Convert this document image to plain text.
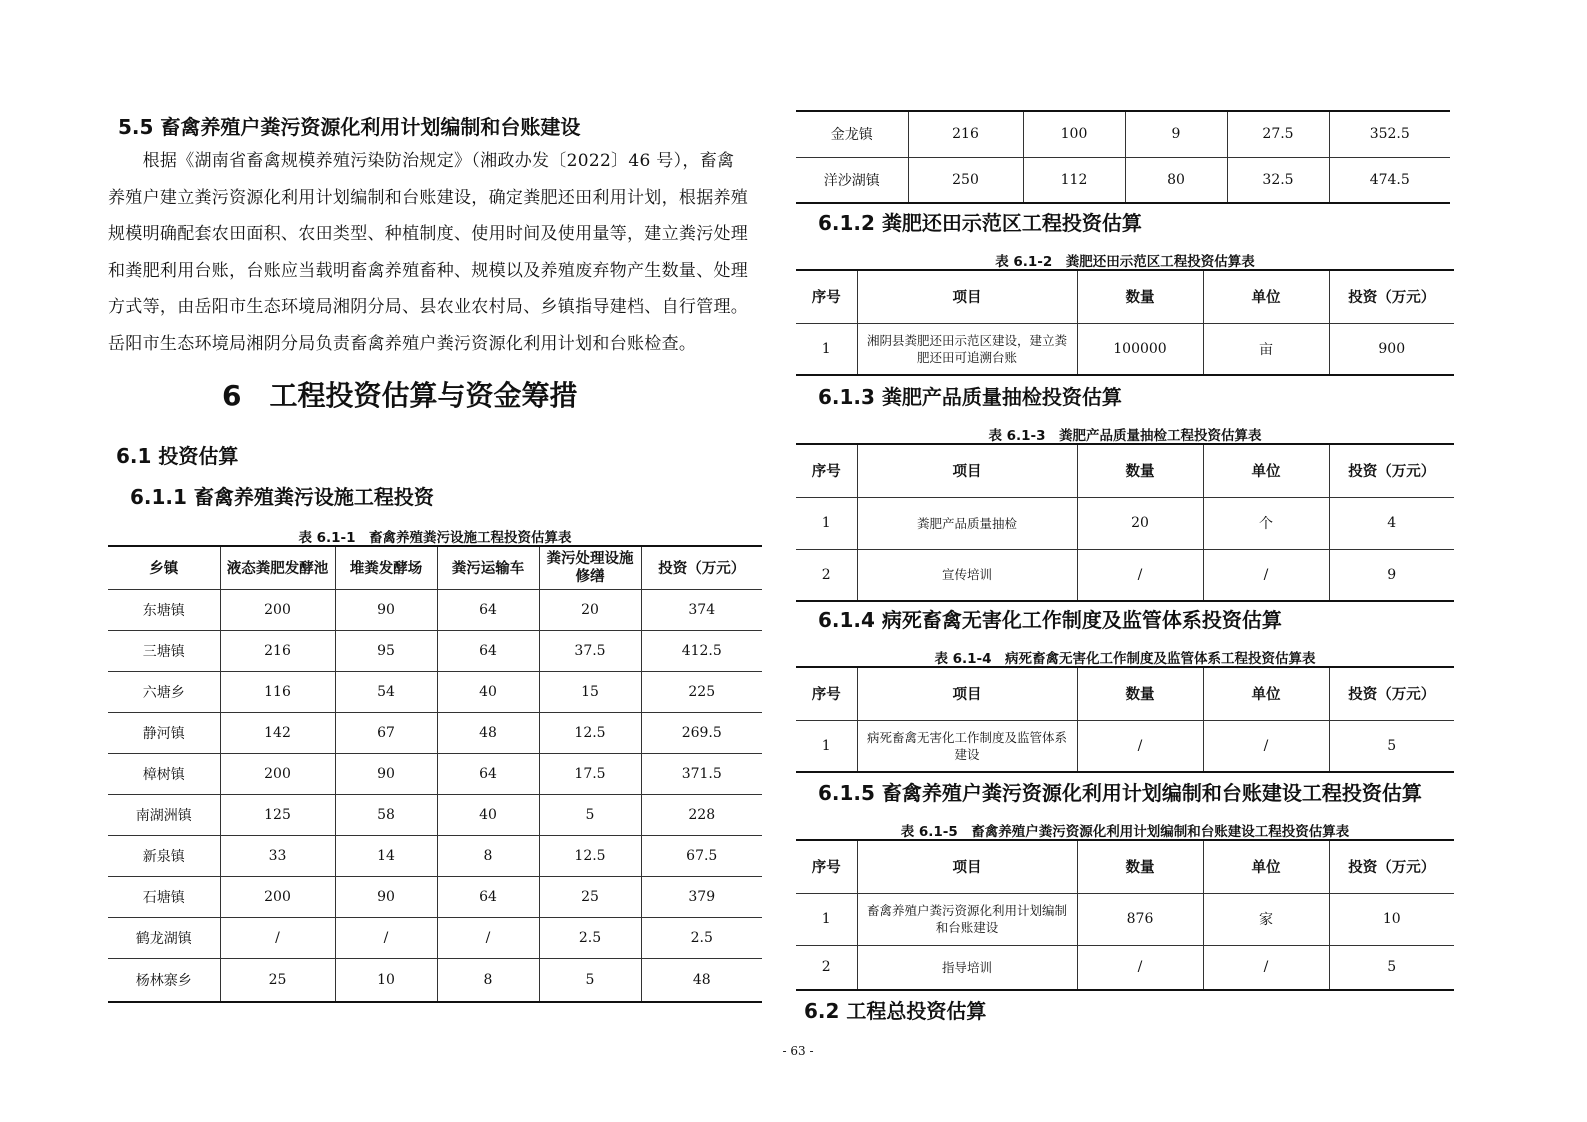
5.5 畜禽养殖户粪污资源化利用计划编制和台账建设
　　根据《湖南省畜禽规模养殖污染防治规定》（湘政办发〔2022〕46 号），畜禽
养殖户建立粪污资源化利用计划编制和台账建设，确定粪肥还田利用计划，根据养殖
规模明确配套农田面积、农田类型、种植制度、使用时间及使用量等，建立粪污处理
和粪肥利用台账，台账应当载明畜禽养殖畜种、规模以及养殖废弃物产生数量、处理
方式等，由岳阳市生态环境局湘阴分局、县农业农村局、乡镇指导建档、自行管理。
岳阳市生态环境局湘阴分局负责畜禽养殖户粪污资源化利用计划和台账检查。
6　工程投资估算与资金筹措
6.1 投资估算
6.1.1 畜禽养殖粪污设施工程投资
表 6.1-1　畜禽养殖粪污设施工程投资估算表
乡镇	液态粪肥发酵池	堆粪发酵场	粪污运输车	粪污处理设施修缮	投资（万元）
东塘镇	200	90	64	20	374
三塘镇	216	95	64	37.5	412.5
六塘乡	116	54	40	15	225
静河镇	142	67	48	12.5	269.5
樟树镇	200	90	64	17.5	371.5
南湖洲镇	125	58	40	5	228
新泉镇	33	14	8	12.5	67.5
石塘镇	200	90	64	25	379
鹤龙湖镇	/	/	/	2.5	2.5
杨林寨乡	25	10	8	5	48
金龙镇	216	100	9	27.5	352.5
洋沙湖镇	250	112	80	32.5	474.5
6.1.2 粪肥还田示范区工程投资估算
表 6.1-2　粪肥还田示范区工程投资估算表
序号	项目	数量	单位	投资（万元）
1	湘阴县粪肥还田示范区建设，建立粪肥还田可追溯台账	100000	亩	900
6.1.3 粪肥产品质量抽检投资估算
表 6.1-3　粪肥产品质量抽检工程投资估算表
序号	项目	数量	单位	投资（万元）
1	粪肥产品质量抽检	20	个	4
2	宣传培训	/	/	9
6.1.4 病死畜禽无害化工作制度及监管体系投资估算
表 6.1-4　病死畜禽无害化工作制度及监管体系工程投资估算表
序号	项目	数量	单位	投资（万元）
1	病死畜禽无害化工作制度及监管体系建设	/	/	5
6.1.5 畜禽养殖户粪污资源化利用计划编制和台账建设工程投资估算
表 6.1-5　畜禽养殖户粪污资源化利用计划编制和台账建设工程投资估算表
序号	项目	数量	单位	投资（万元）
1	畜禽养殖户粪污资源化利用计划编制和台账建设	876	家	10
2	指导培训	/	/	5
6.2 工程总投资估算
- 63 -
